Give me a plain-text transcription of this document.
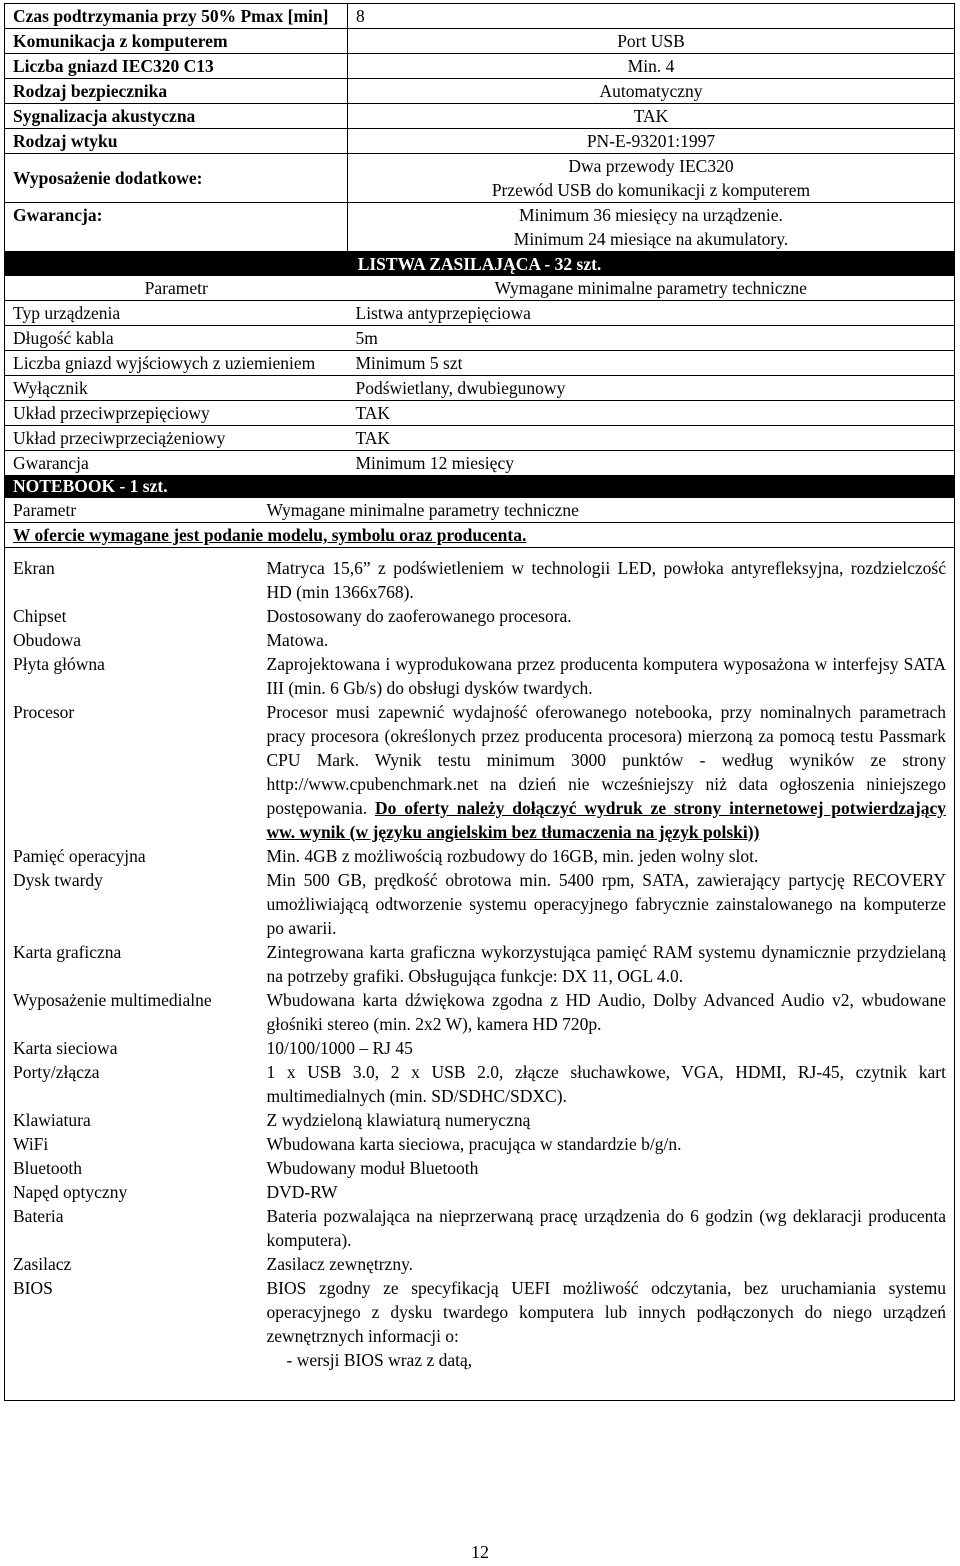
Czas podtrzymania przy 50% Pmax [min]	8
Komunikacja z komputerem	Port USB
Liczba gniazd IEC320 C13	Min. 4
Rodzaj bezpiecznika	Automatyczny
Sygnalizacja akustyczna	TAK
Rodzaj wtyku	PN-E-93201:1997
Wyposażenie dodatkowe:	Dwa przewody IEC320
Przewód USB do komunikacji z komputerem

Gwarancja:	Minimum 36 miesięcy na urządzenie.
Minimum 24 miesiące na akumulatory.
LISTWA ZASILAJĄCA - 32 szt.	
Parametr	Wymagane minimalne parametry techniczne
Typ urządzenia	Listwa antyprzepięciowa
Długość kabla	5m
Liczba gniazd wyjściowych z uziemieniem	Minimum 5 szt
Wyłącznik	Podświetlany, dwubiegunowy
Układ przeciwprzepięciowy	TAK
Układ przeciwprzeciążeniowy	TAK
Gwarancja	Minimum 12 miesięcy
NOTEBOOK - 1 szt.	
Parametr	Wymagane minimalne parametry techniczne
W ofercie wymagane jest podanie modelu, symbolu oraz producenta.	

Ekran	Matryca 15,6” z podświetleniem w technologii LED, powłoka antyrefleksyjna, rozdzielczość HD (min 1366x768).
Chipset	Dostosowany do zaoferowanego procesora.
Obudowa	Matowa.
Płyta główna	Zaprojektowana i wyprodukowana przez producenta komputera wyposażona w interfejsy SATA III (min. 6 Gb/s) do obsługi dysków twardych.
Procesor	Procesor musi zapewnić wydajność oferowanego notebooka, przy nominalnych parametrach pracy procesora (określonych przez producenta procesora) mierzoną za pomocą testu Passmark CPU Mark. Wynik testu minimum 3000 punktów - według wyników ze strony http://www.cpubenchmark.net na dzień nie wcześniejszy niż data ogłoszenia niniejszego postępowania. Do oferty należy dołączyć wydruk ze strony internetowej potwierdzający ww. wynik (w języku angielskim bez tłumaczenia na język polski))
Pamięć operacyjna	Min. 4GB z możliwością rozbudowy do 16GB, min. jeden wolny slot.
Dysk twardy	Min 500 GB, prędkość obrotowa min. 5400 rpm, SATA, zawierający partycję RECOVERY umożliwiającą odtworzenie systemu operacyjnego fabrycznie zainstalowanego na komputerze po awarii.
Karta graficzna	Zintegrowana karta graficzna wykorzystująca pamięć RAM systemu dynamicznie przydzielaną na potrzeby grafiki. Obsługująca funkcje: DX 11, OGL 4.0.
Wyposażenie multimedialne	Wbudowana karta dźwiękowa zgodna z HD Audio, Dolby Advanced Audio v2, wbudowane głośniki stereo (min. 2x2 W), kamera HD 720p.
Karta sieciowa	10/100/1000 – RJ 45
Porty/złącza	1 x USB 3.0, 2 x USB 2.0, złącze słuchawkowe, VGA, HDMI, RJ-45, czytnik kart multimedialnych (min. SD/SDHC/SDXC).
Klawiatura	Z wydzieloną klawiaturą numeryczną
WiFi	Wbudowana karta sieciowa, pracująca w standardzie b/g/n.
Bluetooth	Wbudowany moduł Bluetooth
Napęd optyczny	DVD-RW
Bateria	Bateria pozwalająca na nieprzerwaną pracę urządzenia do 6 godzin (wg deklaracji producenta komputera).
Zasilacz	Zasilacz zewnętrzny.
BIOS	BIOS zgodny ze specyfikacją UEFI możliwość odczytania, bez uruchamiania systemu operacyjnego z dysku twardego komputera lub innych podłączonych do niego urządzeń zewnętrznych informacji o:
- wersji BIOS wraz z datą,
12
